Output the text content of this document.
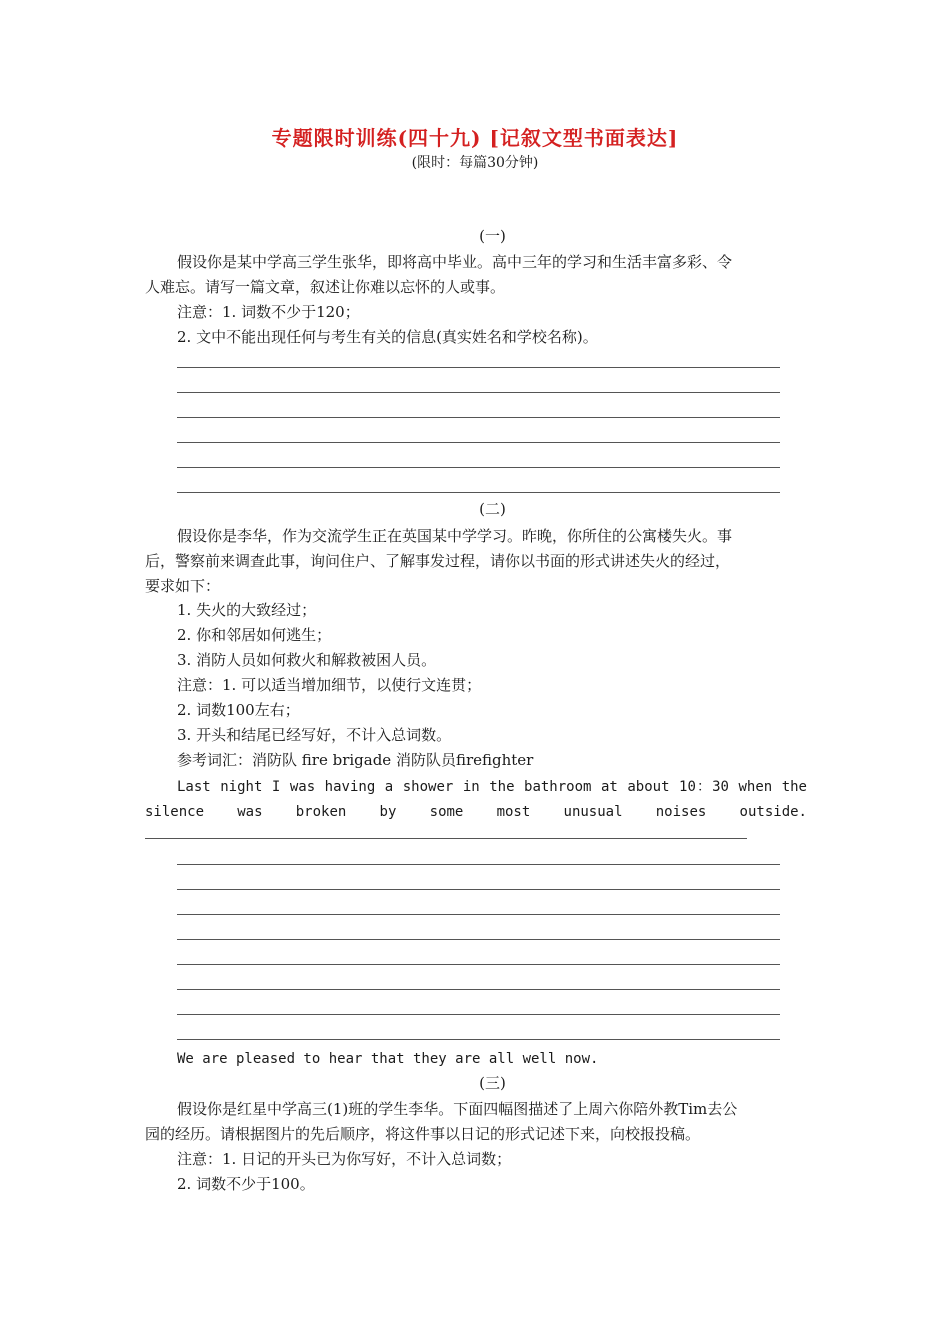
专题限时训练(四十九) [记叙文型书面表达]
(限时：每篇30分钟)
(一)
假设你是某中学高三学生张华，即将高中毕业。高中三年的学习和生活丰富多彩、令
人难忘。请写一篇文章，叙述让你难以忘怀的人或事。
注意：1. 词数不少于120；
2. 文中不能出现任何与考生有关的信息(真实姓名和学校名称)。
(二)
假设你是李华，作为交流学生正在英国某中学学习。昨晚，你所住的公寓楼失火。事
后，警察前来调查此事，询问住户、了解事发过程，请你以书面的形式讲述失火的经过，
要求如下：
1. 失火的大致经过；
2. 你和邻居如何逃生；
3. 消防人员如何救火和解救被困人员。
注意：1. 可以适当增加细节，以使行文连贯；
2. 词数100左右；
3. 开头和结尾已经写好，不计入总词数。
参考词汇：消防队 fire brigade 消防队员firefighter
Last night I was having a shower in the bathroom at about 10：30 when the silence was broken by some most unusual noises outside.
We are pleased to hear that they are all well now.
(三)
假设你是红星中学高三(1)班的学生李华。下面四幅图描述了上周六你陪外教Tim去公
园的经历。请根据图片的先后顺序，将这件事以日记的形式记述下来，向校报投稿。
注意：1. 日记的开头已为你写好，不计入总词数；
2. 词数不少于100。
